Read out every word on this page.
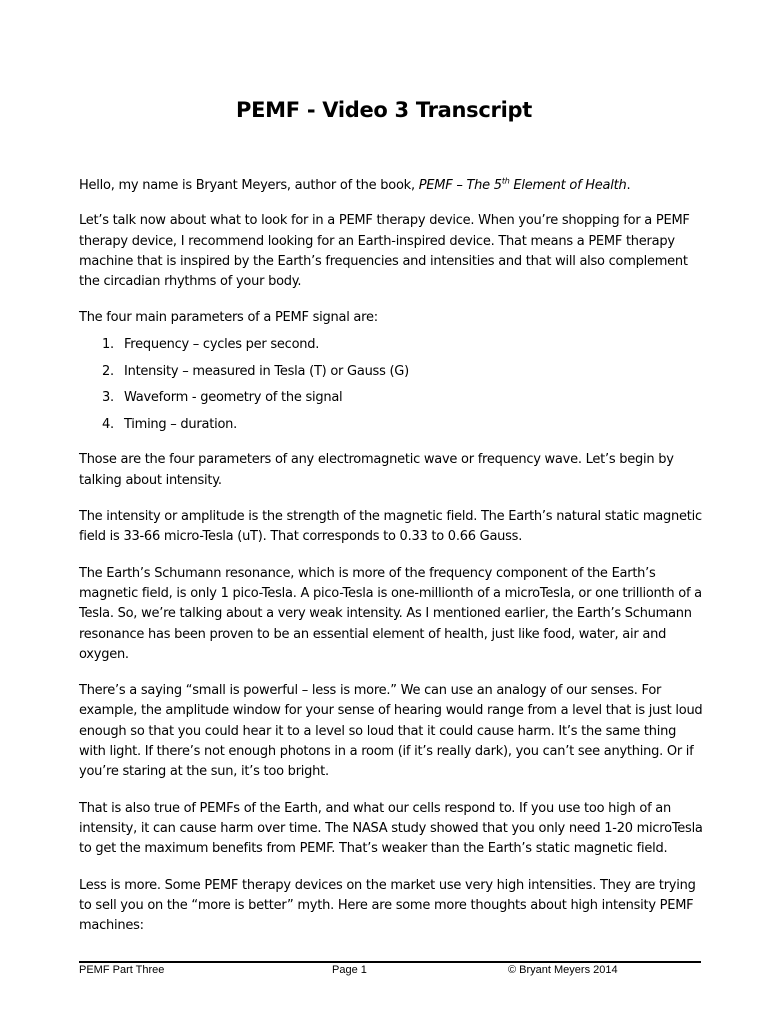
PEMF - Video 3 Transcript

Hello, my name is Bryant Meyers, author of the book, PEMF – The 5th Element of Health.

Let’s talk now about what to look for in a PEMF therapy device. When you’re shopping for a PEMF therapy device, I recommend looking for an Earth-inspired device. That means a PEMF therapy machine that is inspired by the Earth’s frequencies and intensities and that will also complement the circadian rhythms of your body.

The four main parameters of a PEMF signal are:

1. Frequency – cycles per second.
2. Intensity – measured in Tesla (T) or Gauss (G)
3. Waveform - geometry of the signal
4. Timing – duration.

Those are the four parameters of any electromagnetic wave or frequency wave. Let’s begin by talking about intensity.

The intensity or amplitude is the strength of the magnetic field. The Earth’s natural static magnetic field is 33-66 micro-Tesla (uT). That corresponds to 0.33 to 0.66 Gauss.

The Earth’s Schumann resonance, which is more of the frequency component of the Earth’s magnetic field, is only 1 pico-Tesla. A pico-Tesla is one-millionth of a microTesla, or one trillionth of a Tesla. So, we’re talking about a very weak intensity. As I mentioned earlier, the Earth’s Schumann resonance has been proven to be an essential element of health, just like food, water, air and oxygen.

There’s a saying “small is powerful – less is more.” We can use an analogy of our senses. For example, the amplitude window for your sense of hearing would range from a level that is just loud enough so that you could hear it to a level so loud that it could cause harm. It’s the same thing with light. If there’s not enough photons in a room (if it’s really dark), you can’t see anything. Or if you’re staring at the sun, it’s too bright.

That is also true of PEMFs of the Earth, and what our cells respond to. If you use too high of an intensity, it can cause harm over time. The NASA study showed that you only need 1-20 microTesla to get the maximum benefits from PEMF. That’s weaker than the Earth’s static magnetic field.

Less is more. Some PEMF therapy devices on the market use very high intensities. They are trying to sell you on the “more is better” myth. Here are some more thoughts about high intensity PEMF machines:

PEMF Part Three	Page 1	© Bryant Meyers 2014
